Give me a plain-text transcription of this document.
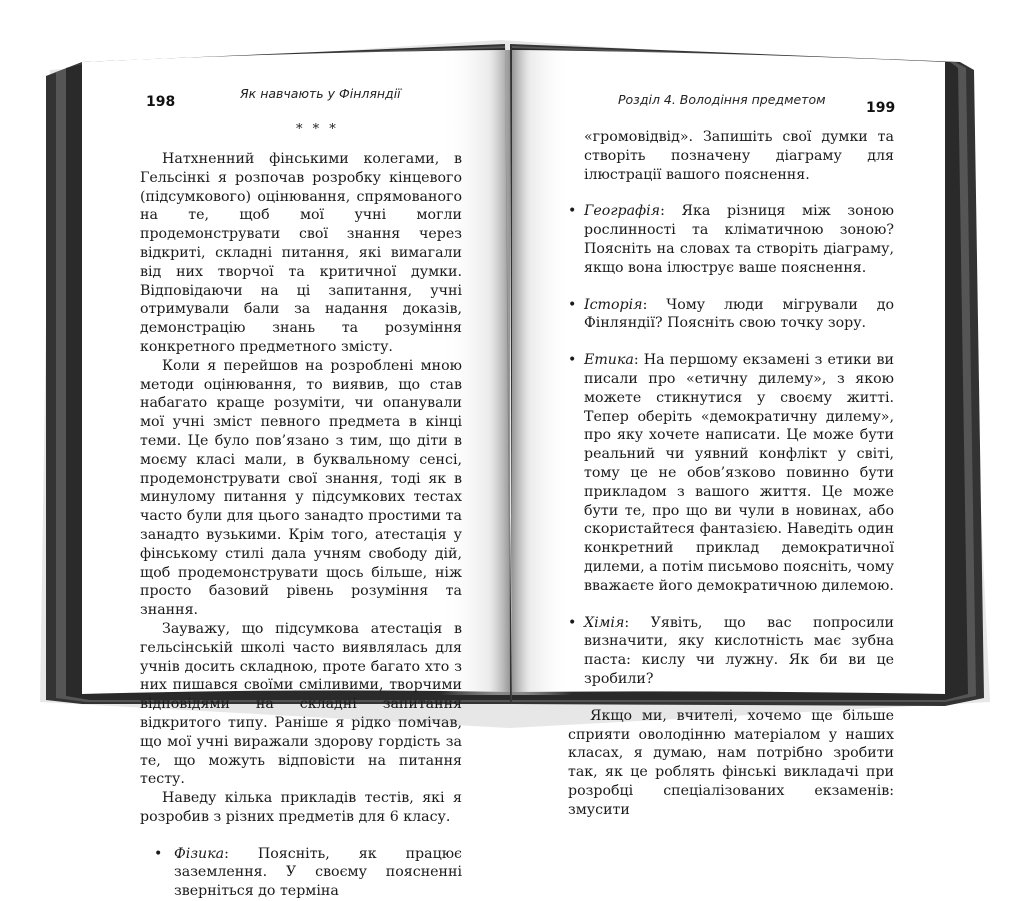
198
Як навчають у Фінляндії
* * *

Натхненний фінськими колегами, в Гельсінкі я розпочав розробку кінцевого (підсумкового) оцінювання, спрямованого на те, щоб мої учні могли продемонструвати свої знання через відкриті, складні питання, які вимагали від них творчої та критичної думки. Відповідаючи на ці запитання, учні отримували бали за надання доказів, демонстрацію знань та розуміння конкретного предметного змісту.

Коли я перейшов на розроблені мною методи оцінювання, то виявив, що став набагато краще розуміти, чи опанували мої учні зміст певного предмета в кінці теми. Це було пов’язано з тим, що діти в моєму класі мали, в буквальному сенсі, продемонструвати свої знання, тоді як в минулому питання у підсумкових тестах часто були для цього занадто простими та занадто вузькими. Крім того, атестація у фінському стилі дала учням свободу дій, щоб продемонструвати щось більше, ніж просто базовий рівень розуміння та знання.

Зауважу, що підсумкова атестація в гельсінській школі часто виявлялась для учнів досить складною, проте багато хто з них пишався своїми сміливими, творчими відповідями на складні запитання відкритого типу. Раніше я рідко помічав, що мої учні виражали здорову гордість за те, що можуть відповісти на питання тесту.

Наведу кілька прикладів тестів, які я розробив з різних предметів для 6 класу.

• Фізика: Поясніть, як працює заземлення. У своєму поясненні зверніться до терміна
Розділ 4. Володіння предметом
199

«громовідвід». Запишіть свої думки та створіть позначену діаграму для ілюстрації вашого пояснення.

• Географія: Яка різниця між зоною рослинності та кліматичною зоною? Поясніть на словах та створіть діаграму, якщо вона ілюструє ваше пояснення.
• Історія: Чому люди мігрували до Фінляндії? Поясніть свою точку зору.
• Етика: На першому екзамені з етики ви писали про «етичну дилему», з якою можете стикнутися у своєму житті. Тепер оберіть «демократичну дилему», про яку хочете написати. Це може бути реальний чи уявний конфлікт у світі, тому це не обов’язково повинно бути прикладом з вашого життя. Це може бути те, про що ви чули в новинах, або скористайтеся фантазією. Наведіть один конкретний приклад демократичної дилеми, а потім письмово поясніть, чому вважаєте його демократичною дилемою.
• Хімія: Уявіть, що вас попросили визначити, яку кислотність має зубна паста: кислу чи лужну. Як би ви це зробили?

Якщо ми, вчителі, хочемо ще більше сприяти оволодінню матеріалом у наших класах, я думаю, нам потрібно зробити так, як це роблять фінські викладачі при розробці спеціалізованих екзаменів: змусити
